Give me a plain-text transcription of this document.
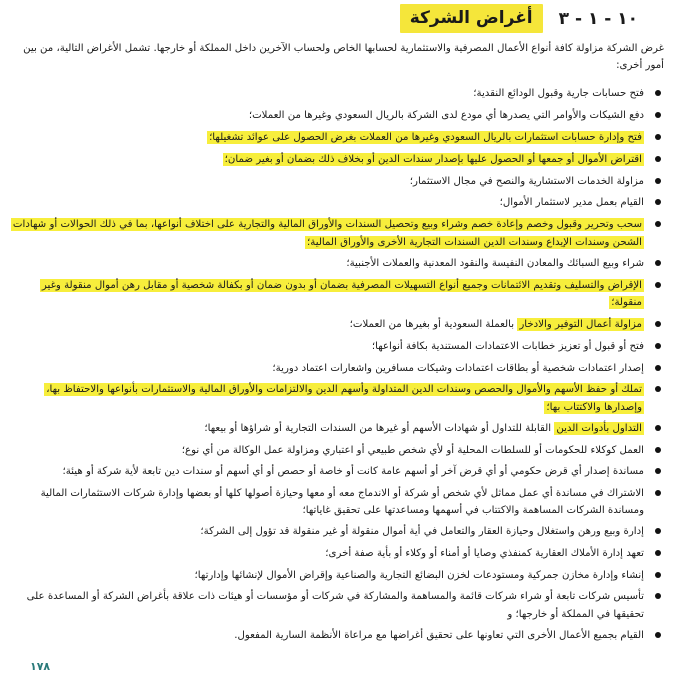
١٠ - ١ - ٣
أغراض الشركة
غرض الشركة مزاولة كافة أنواع الأعمال المصرفية والاستثمارية لحسابها الخاص ولحساب الآخرين داخل المملكة أو خارجها. تشمل الأغراض التالية، من بين أمور أخرى:
فتح حسابات جارية وقبول الودائع النقدية؛
دفع الشيكات والأوامر التي يصدرها أي مودع لدى الشركة بالريال السعودي وغيرها من العملات؛
فتح وإدارة حسابات استثمارات بالريال السعودي وغيرها من العملات بغرض الحصول على عوائد تشغيلها؛
اقتراض الأموال أو جمعها أو الحصول عليها بإصدار سندات الدين أو بخلاف ذلك بضمان أو بغير ضمان؛
مزاولة الخدمات الاستشارية والنصح في مجال الاستثمار؛
القيام بعمل مدير لاستثمار الأموال؛
سحب وتحرير وقبول وخصم وإعادة خصم وشراء وبيع وتحصيل السندات والأوراق المالية والتجارية على اختلاف أنواعها، بما في ذلك الحوالات أو شهادات الشحن وسندات الإيداع وسندات الدين السندات التجارية الأخرى والأوراق المالية؛
شراء وبيع السبائك والمعادن النفيسة والنقود المعدنية والعملات الأجنبية؛
الإقراض والتسليف وتقديم الائتمانات وجميع أنواع التسهيلات المصرفية بضمان أو بدون ضمان أو بكفالة شخصية أو مقابل رهن أموال منقولة وغير منقولة؛
مزاولة أعمال التوفير والادخار بالعملة السعودية أو بغيرها من العملات؛
فتح أو قبول أو تعزيز خطابات الاعتمادات المستندية بكافة أنواعها؛
إصدار اعتمادات شخصية أو بطاقات اعتمادات وشيكات مسافرين واشعارات اعتماد دورية؛
تملك أو حفظ الأسهم والأموال والحصص وسندات الدين المتداولة وأسهم الدين والالتزامات والأوراق المالية والاستثمارات بأنواعها والاحتفاظ بها، وإصدارها والاكتتاب بها؛
التداول بأدوات الدين القابلة للتداول أو شهادات الأسهم أو غيرها من السندات التجارية أو شراؤها أو بيعها؛
العمل كوكلاء للحكومات أو للسلطات المحلية أو لأي شخص طبيعي أو اعتباري ومزاولة عمل الوكالة من أي نوع؛
مساندة إصدار أي قرض حكومي أو أي قرض آخر أو أسهم عامة كانت أو خاصة أو حصص أو أي أسهم أو سندات دين تابعة لأية شركة أو هيئة؛
الاشتراك في مساندة أي عمل مماثل لأي شخص أو شركة أو الاندماج معه أو معها وحيازة أصولها كلها أو بعضها وإدارة شركات الاستثمارات المالية ومساندة الشركات المساهمة والاكتتاب في أسهمها ومساعدتها على تحقيق غاياتها؛
إدارة وبيع ورهن واستغلال وحيازة العقار والتعامل في أية أموال منقولة أو غير منقولة قد تؤول إلى الشركة؛
تعهد إدارة الأملاك العقارية كمنفذي وصايا أو أمناء أو وكلاء أو بأية صفة أخرى؛
إنشاء وإدارة مخازن جمركية ومستودعات لخزن البضائع التجارية والصناعية وإقراض الأموال لإنشائها وإدارتها؛
تأسيس شركات تابعة أو شراء شركات قائمة والمساهمة والمشاركة في شركات أو مؤسسات أو هيئات ذات علاقة بأغراض الشركة أو المساعدة على تحقيقها في المملكة أو خارجها؛ و
القيام بجميع الأعمال الأخرى التي تعاونها على تحقيق أغراضها مع مراعاة الأنظمة السارية المفعول.
١٧٨
